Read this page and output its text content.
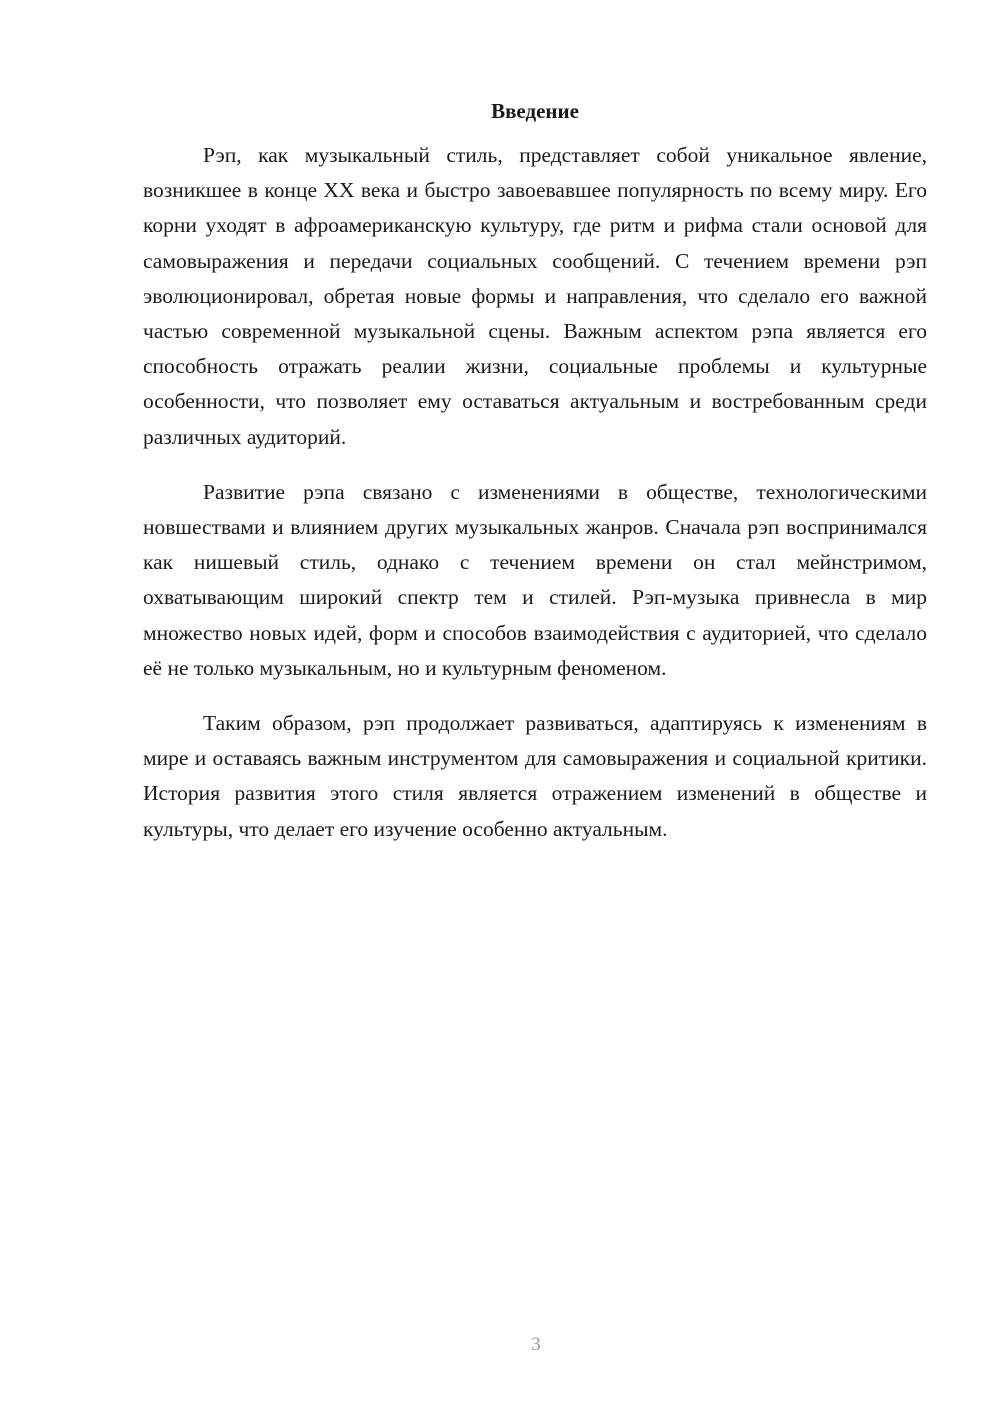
Введение

Рэп, как музыкальный стиль, представляет собой уникальное явление, возникшее в конце XX века и быстро завоевавшее популярность по всему миру. Его корни уходят в афроамериканскую культуру, где ритм и рифма стали основой для самовыражения и передачи социальных сообщений. С течением времени рэп эволюционировал, обретая новые формы и направления, что сделало его важной частью современной музыкальной сцены. Важным аспектом рэпа является его способность отражать реалии жизни, социальные проблемы и культурные особенности, что позволяет ему оставаться актуальным и востребованным среди различных аудиторий.

Развитие рэпа связано с изменениями в обществе, технологическими новшествами и влиянием других музыкальных жанров. Сначала рэп воспринимался как нишевый стиль, однако с течением времени он стал мейнстримом, охватывающим широкий спектр тем и стилей. Рэп-музыка привнесла в мир множество новых идей, форм и способов взаимодействия с аудиторией, что сделало её не только музыкальным, но и культурным феноменом.

Таким образом, рэп продолжает развиваться, адаптируясь к изменениям в мире и оставаясь важным инструментом для самовыражения и социальной критики. История развития этого стиля является отражением изменений в обществе и культуры, что делает его изучение особенно актуальным.

3
